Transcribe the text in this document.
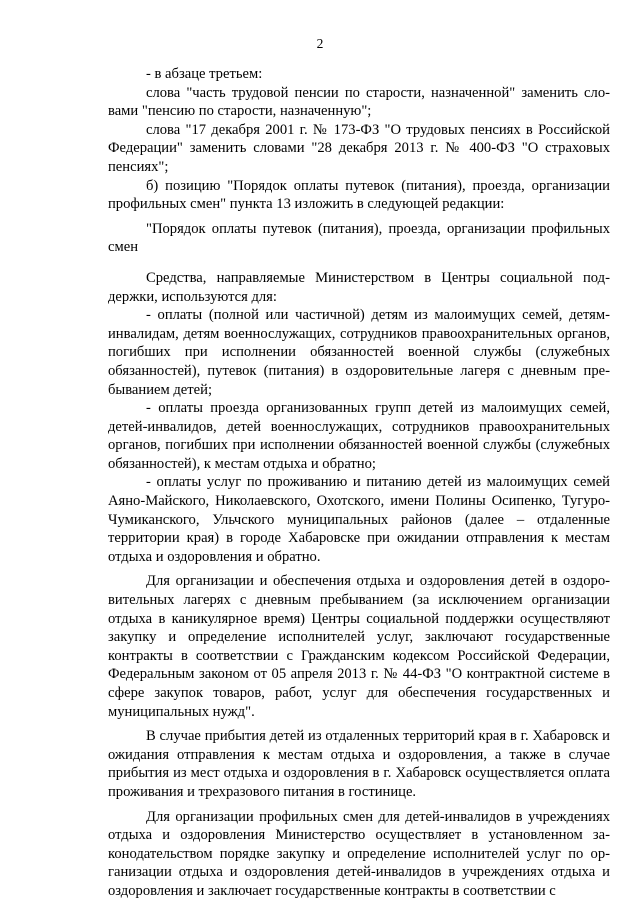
2

- в абзаце третьем:

слова "часть трудовой пенсии по старости, назначенной" заменить словами "пенсию по старости, назначенную";

слова "17 декабря 2001 г. № 173-ФЗ "О трудовых пенсиях в Российской Федерации" заменить словами "28 декабря 2013 г. № 400-ФЗ "О страховых пенсиях";

б) позицию "Порядок оплаты путевок (питания), проезда, организации профильных смен" пункта 13 изложить в следующей редакции:

"Порядок оплаты путевок (питания), проезда, организации профильных смен

Средства, направляемые Министерством в Центры социальной поддержки, используются для:

- оплаты (полной или частичной) детям из малоимущих семей, детям-инвалидам, детям военнослужащих, сотрудников правоохранительных органов, погибших при исполнении обязанностей военной службы (служебных обязанностей), путевок (питания) в оздоровительные лагеря с дневным пребыванием детей;

- оплаты проезда организованных групп детей из малоимущих семей, детей-инвалидов, детей военнослужащих, сотрудников правоохранительных органов, погибших при исполнении обязанностей военной службы (служебных обязанностей), к местам отдыха и обратно;

- оплаты услуг по проживанию и питанию детей из малоимущих семей Аяно-Майского, Николаевского, Охотского, имени Полины Осипенко, Тугуро-Чумиканского, Ульчского муниципальных районов (далее – отдаленные территории края) в городе Хабаровске при ожидании отправления к местам отдыха и оздоровления и обратно.

Для организации и обеспечения отдыха и оздоровления детей в оздоровительных лагерях с дневным пребыванием (за исключением организации отдыха в каникулярное время) Центры социальной поддержки осуществляют закупку и определение исполнителей услуг, заключают государственные контракты в соответствии с Гражданским кодексом Российской Федерации, Федеральным законом от 05 апреля 2013 г. № 44-ФЗ "О контрактной системе в сфере закупок товаров, работ, услуг для обеспечения государственных и муниципальных нужд".

В случае прибытия детей из отдаленных территорий края в г. Хабаровск и ожидания отправления к местам отдыха и оздоровления, а также в случае прибытия из мест отдыха и оздоровления в г. Хабаровск осуществляется оплата проживания и трехразового питания в гостинице.

Для организации профильных смен для детей-инвалидов в учреждениях отдыха и оздоровления Министерство осуществляет в установленном законодательством порядке закупку и определение исполнителей услуг по организации отдыха и оздоровления детей-инвалидов в учреждениях отдыха и оздоровления и заключает государственные контракты в соответствии с
